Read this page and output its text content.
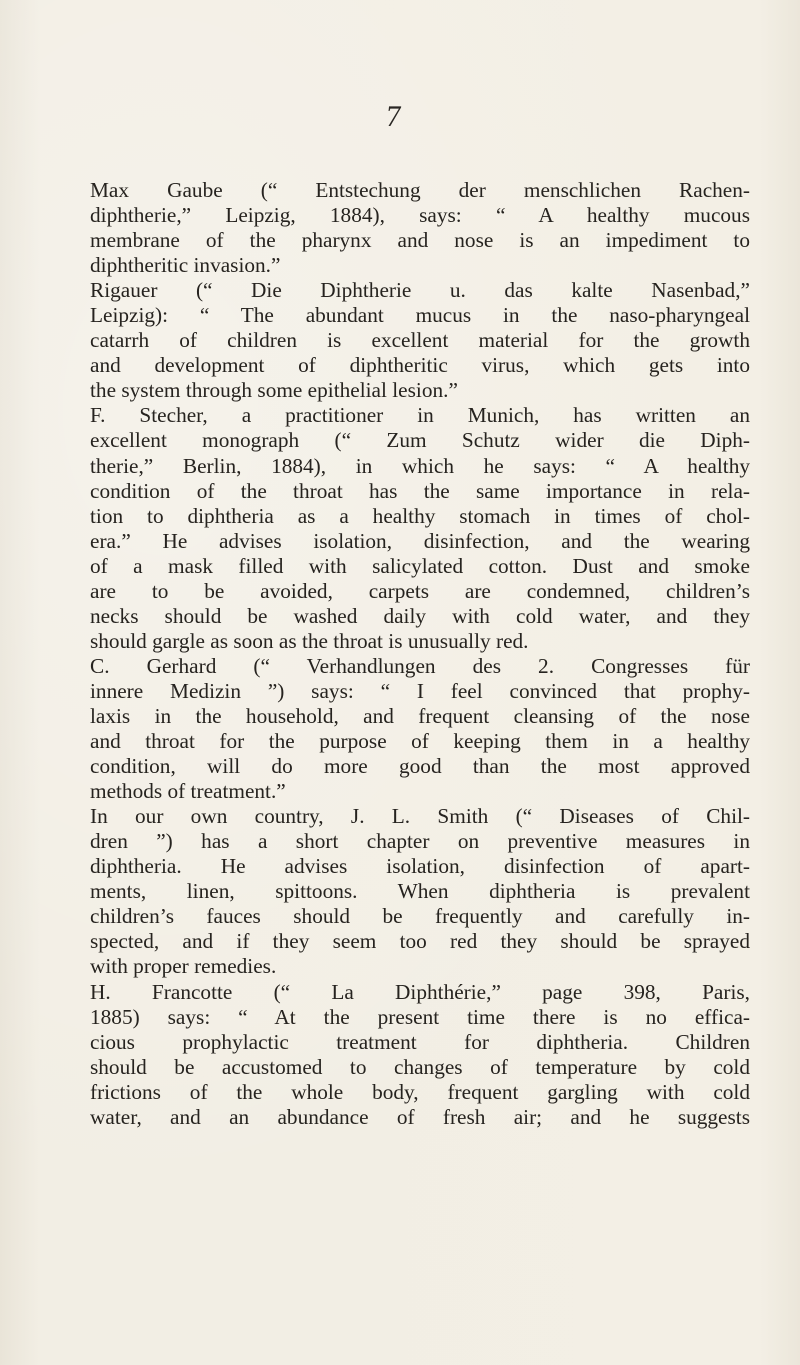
7
Max Gaube (“ Entstechung der menschlichen Rachen-
diphtherie,” Leipzig, 1884), says: “ A healthy mucous
membrane of the pharynx and nose is an impediment to
diphtheritic invasion.”
Rigauer (“ Die Diphtherie u. das kalte Nasenbad,”
Leipzig): “ The abundant mucus in the naso-pharyngeal
catarrh of children is excellent material for the growth
and development of diphtheritic virus, which gets into
the system through some epithelial lesion.”
F. Stecher, a practitioner in Munich, has written an
excellent monograph (“ Zum Schutz wider die Diph-
therie,” Berlin, 1884), in which he says: “ A healthy
condition of the throat has the same importance in rela-
tion to diphtheria as a healthy stomach in times of chol-
era.” He advises isolation, disinfection, and the wearing
of a mask filled with salicylated cotton. Dust and smoke
are to be avoided, carpets are condemned, children’s
necks should be washed daily with cold water, and they
should gargle as soon as the throat is unusually red.
C. Gerhard (“ Verhandlungen des 2. Congresses für
innere Medizin ”) says: “ I feel convinced that prophy-
laxis in the household, and frequent cleansing of the nose
and throat for the purpose of keeping them in a healthy
condition, will do more good than the most approved
methods of treatment.”
In our own country, J. L. Smith (“ Diseases of Chil-
dren ”) has a short chapter on preventive measures in
diphtheria. He advises isolation, disinfection of apart-
ments, linen, spittoons. When diphtheria is prevalent
children’s fauces should be frequently and carefully in-
spected, and if they seem too red they should be sprayed
with proper remedies.
H. Francotte (“ La Diphthérie,” page 398, Paris,
1885) says: “ At the present time there is no effica-
cious prophylactic treatment for diphtheria. Children
should be accustomed to changes of temperature by cold
frictions of the whole body, frequent gargling with cold
water, and an abundance of fresh air; and he suggests
